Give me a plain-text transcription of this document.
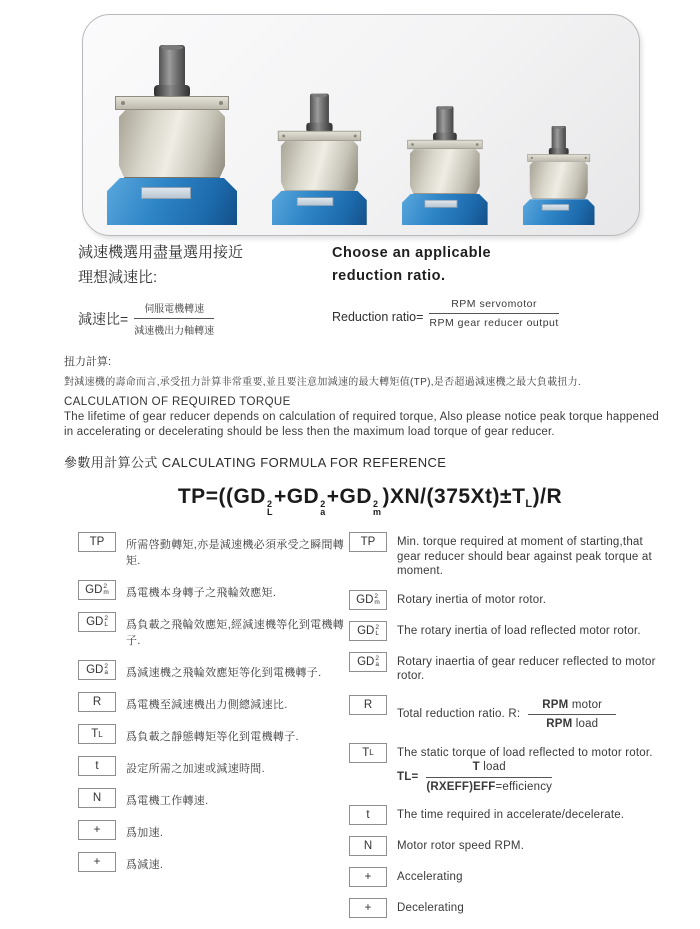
減速機選用盡量選用接近
理想減速比:
減速比= $\frac{\text{伺服電機轉速}}{\text{減速機出力軸轉速}}$
Choose an applicable
reduction ratio.
Reduction ratio= $\frac{\text{RPM servomotor}}{\text{RPM gear reducer output}}$
扭力計算:
對減速機的壽命而言,承受扭力計算非常重要,並且要注意加減速的最大轉矩值(TP),是否超過減速機之最大負載扭力.
CALCULATION OF REQUIRED TORQUE
The lifetime of gear reducer depends on calculation of required torque, Also please notice peak torque happened in accelerating or decelerating should be less then the maximum load torque of gear reducer.
參數用計算公式 CALCULATING FORMULA FOR REFERENCE
TP=((GD 2
L
+GD 2
a
+GD 2
m
)XN/(375Xt)±TL)/R
TP 所需啓動轉矩,亦是減速機必須承受之瞬間轉矩.
GD 2
m 爲電機本身轉子之飛輪效應矩.
GD 2
L 爲負載之飛輪效應矩,經減速機等化到電機轉子.
GD 2
a 爲減速機之飛輪效應矩等化到電機轉子.
R 爲電機至減速機出力側總減速比.
T L 爲負載之靜態轉矩等化到電機轉子.
t 設定所需之加速或減速時間.
N 爲電機工作轉速.
+ 爲加速.
+ 爲減速.
TP Min. torque required at moment of starting,that gear reducer should bear against peak torque at moment.
GD 2
m Rotary inertia of motor rotor.
GD 2
L The rotary inertia of load reflected motor rotor.
GD 2
a Rotary inaertia of gear reducer reflected to motor rotor.
R
Total reduction ratio. R: $\frac{\text{RPM motor}}{\text{RPM load}}$
T L The static torque of load reflected to motor rotor.
$TL= \frac{\text{T load}}{\text{(RXEFF)EFF=efficiency}}$
t The time required in accelerate/decelerate.
N Motor rotor speed RPM.
+ Accelerating
+ Decelerating
